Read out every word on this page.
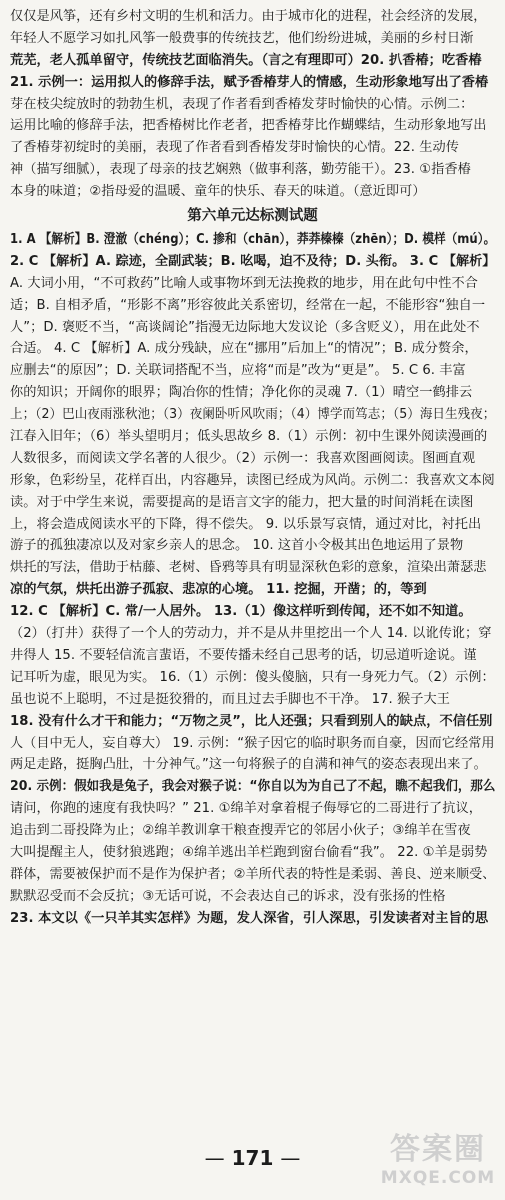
仅仅是风筝，还有乡村文明的生机和活力。由于城市化的进程，社会经济的发展，
年轻人不愿学习如扎风筝一般费事的传统技艺，他们纷纷进城，美丽的乡村日渐
荒芜，老人孤单留守，传统技艺面临消失。（言之有理即可）20. 扒香椿；吃香椿
21. 示例一：运用拟人的修辞手法，赋予香椿芽人的情感，生动形象地写出了香椿
芽在枝尖绽放时的勃勃生机，表现了作者看到香椿发芽时愉快的心情。示例二：
运用比喻的修辞手法，把香椿树比作老者，把香椿芽比作蝴蝶结，生动形象地写出
了香椿芽初绽时的美丽，表现了作者看到香椿发芽时愉快的心情。22. 生动传
神（描写细腻），表现了母亲的技艺娴熟（做事利落，勤劳能干）。23. ①指香椿
本身的味道；②指母爱的温暖、童年的快乐、春天的味道。（意近即可）
第六单元达标测试题
1. A 【解析】B. 澄澈（chéng）；C. 掺和（chān），莽莽榛榛（zhēn）；D. 模样（mú）。
2. C 【解析】A. 踪迹，全副武装；B. 吆喝，迫不及待；D. 头衔。 3. C 【解析】
A. 大词小用，“不可救药”比喻人或事物坏到无法挽救的地步，用在此句中性不合
适；B. 自相矛盾，“形影不离”形容彼此关系密切，经常在一起，不能形容“独自一
人”；D. 褒贬不当，“高谈阔论”指漫无边际地大发议论（多含贬义），用在此处不
合适。 4. C 【解析】A. 成分残缺，应在“挪用”后加上“的情况”；B. 成分赘余，
应删去“的原因”；D. 关联词搭配不当，应将“而是”改为“更是”。 5. C 6. 丰富
你的知识；开阔你的眼界；陶冶你的性情；净化你的灵魂 7.（1）晴空一鹤排云
上；（2）巴山夜雨涨秋池；（3）夜阑卧听风吹雨；（4）博学而笃志；（5）海日生残夜；
江春入旧年；（6）举头望明月；低头思故乡 8.（1）示例：初中生课外阅读漫画的
人数很多，而阅读文学名著的人很少。（2）示例一：我喜欢图画阅读。图画直观
形象，色彩纷呈，花样百出，内容趣异，读图已经成为风尚。示例二：我喜欢文本阅
读。对于中学生来说，需要提高的是语言文字的能力，把大量的时间消耗在读图
上，将会造成阅读水平的下降，得不偿失。 9. 以乐景写哀情，通过对比，衬托出
游子的孤独凄凉以及对家乡亲人的思念。 10. 这首小令极其出色地运用了景物
烘托的写法，借助于枯藤、老树、昏鸦等具有明显深秋色彩的意象，渲染出萧瑟悲
凉的气氛，烘托出游子孤寂、悲凉的心境。 11. 挖掘，开凿；的，等到
12. C 【解析】C. 常/一人居外。 13.（1）像这样听到传闻，还不如不知道。
（2）（打井）获得了一个人的劳动力，并不是从井里挖出一个人 14. 以讹传讹；穿
井得人 15. 不要轻信流言蜚语，不要传播未经自己思考的话，切忌道听途说。谨
记耳听为虚，眼见为实。 16.（1）示例：傻头傻脑，只有一身死力气。（2）示例：
虽也说不上聪明，不过是挺狡猾的，而且过去手脚也不干净。 17. 猴子大王
18. 没有什么才干和能力；“万物之灵”，比人还强；只看到别人的缺点，不信任别
人（目中无人，妄自尊大） 19. 示例：“猴子因它的临时职务而自豪，因而它经常用
两足走路，挺胸凸肚，十分神气。”这一句将猴子的自满和神气的姿态表现出来了。
20. 示例：假如我是兔子，我会对猴子说：“你自以为为自己了不起，瞧不起我们，那么
请问，你跑的速度有我快吗？” 21. ①绵羊对拿着棍子侮辱它的二哥进行了抗议，
追击到二哥投降为止；②绵羊教训拿干粮查搜弄它的邻居小伙子；③绵羊在雪夜
大叫提醒主人，使豺狼逃跑；④绵羊逃出羊栏跑到窗台偷看“我”。 22. ①羊是弱势
群体，需要被保护而不是作为保护者；②羊所代表的特性是柔弱、善良、逆来顺受、
默默忍受而不会反抗；③无话可说，不会表达自己的诉求，没有张扬的性格
23. 本文以《一只羊其实怎样》为题，发人深省，引人深思，引发读者对主旨的思
— 171 —	答案圈
MXQE.COM
